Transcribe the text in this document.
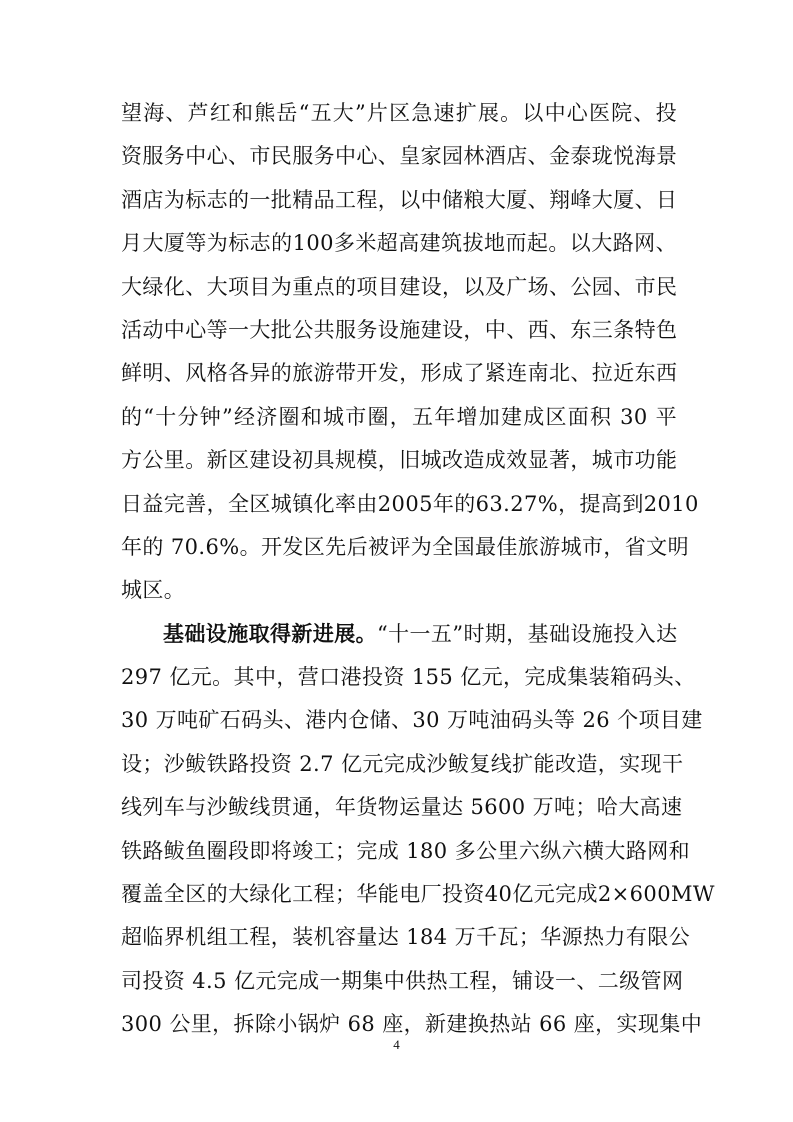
望海、芦红和熊岳“五大”片区急速扩展。以中心医院、投
资服务中心、市民服务中心、皇家园林酒店、金泰珑悦海景
酒店为标志的一批精品工程，以中储粮大厦、翔峰大厦、日
月大厦等为标志的100多米超高建筑拔地而起。以大路网、
大绿化、大项目为重点的项目建设，以及广场、公园、市民
活动中心等一大批公共服务设施建设，中、西、东三条特色
鲜明、风格各异的旅游带开发，形成了紧连南北、拉近东西
的“十分钟”经济圈和城市圈，五年增加建成区面积 30 平
方公里。新区建设初具规模，旧城改造成效显著，城市功能
日益完善，全区城镇化率由2005年的63.27%，提高到2010
年的 70.6%。开发区先后被评为全国最佳旅游城市，省文明
城区。
基础设施取得新进展。“十一五”时期，基础设施投入达
297 亿元。其中，营口港投资 155 亿元，完成集装箱码头、
30 万吨矿石码头、港内仓储、30 万吨油码头等 26 个项目建
设；沙鲅铁路投资 2.7 亿元完成沙鲅复线扩能改造，实现干
线列车与沙鲅线贯通，年货物运量达 5600 万吨；哈大高速
铁路鲅鱼圈段即将竣工；完成 180 多公里六纵六横大路网和
覆盖全区的大绿化工程；华能电厂投资40亿元完成2×600MW
超临界机组工程，装机容量达 184 万千瓦；华源热力有限公
司投资 4.5 亿元完成一期集中供热工程，铺设一、二级管网
300 公里，拆除小锅炉 68 座，新建换热站 66 座，实现集中
4
